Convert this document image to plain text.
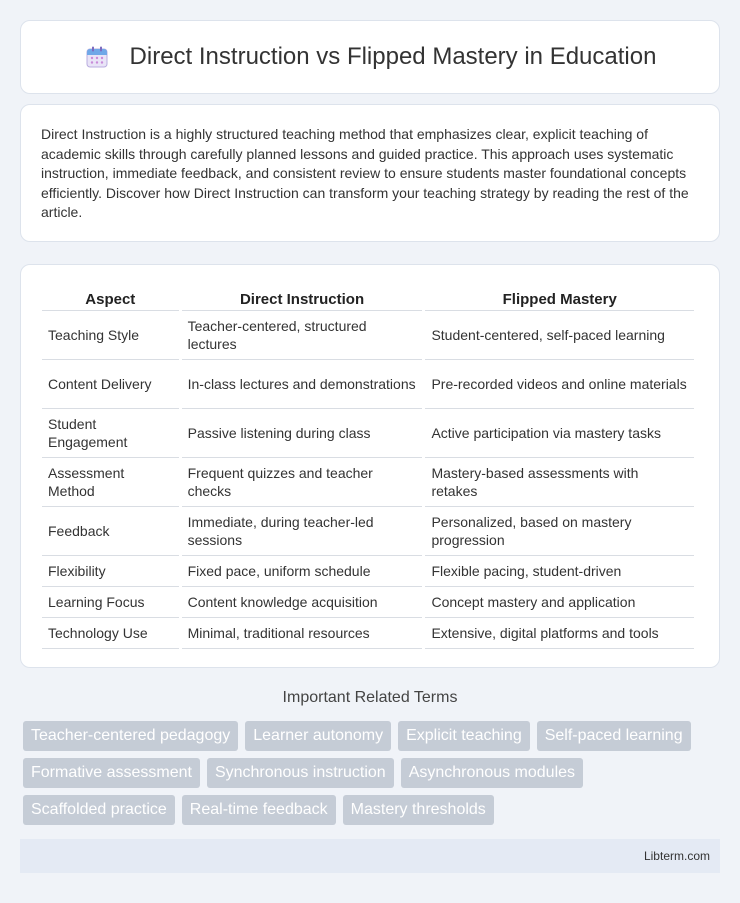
Direct Instruction vs Flipped Mastery in Education

Direct Instruction is a highly structured teaching method that emphasizes clear, explicit teaching of academic skills through carefully planned lessons and guided practice. This approach uses systematic instruction, immediate feedback, and consistent review to ensure students master foundational concepts efficiently. Discover how Direct Instruction can transform your teaching strategy by reading the rest of the article.

Aspect	Direct Instruction	Flipped Mastery
Teaching Style	Teacher-centered, structured lectures	Student-centered, self-paced learning
Content Delivery	In-class lectures and demonstrations	Pre-recorded videos and online materials
Student Engagement	Passive listening during class	Active participation via mastery tasks
Assessment Method	Frequent quizzes and teacher checks	Mastery-based assessments with retakes
Feedback	Immediate, during teacher-led sessions	Personalized, based on mastery progression
Flexibility	Fixed pace, uniform schedule	Flexible pacing, student-driven
Learning Focus	Content knowledge acquisition	Concept mastery and application
Technology Use	Minimal, traditional resources	Extensive, digital platforms and tools
Important Related Terms
Teacher-centered pedagogy	Learner autonomy	Explicit teaching	Self-paced learning
Formative assessment	Synchronous instruction	Asynchronous modules
Scaffolded practice	Real-time feedback	Mastery thresholds
Libterm.com
